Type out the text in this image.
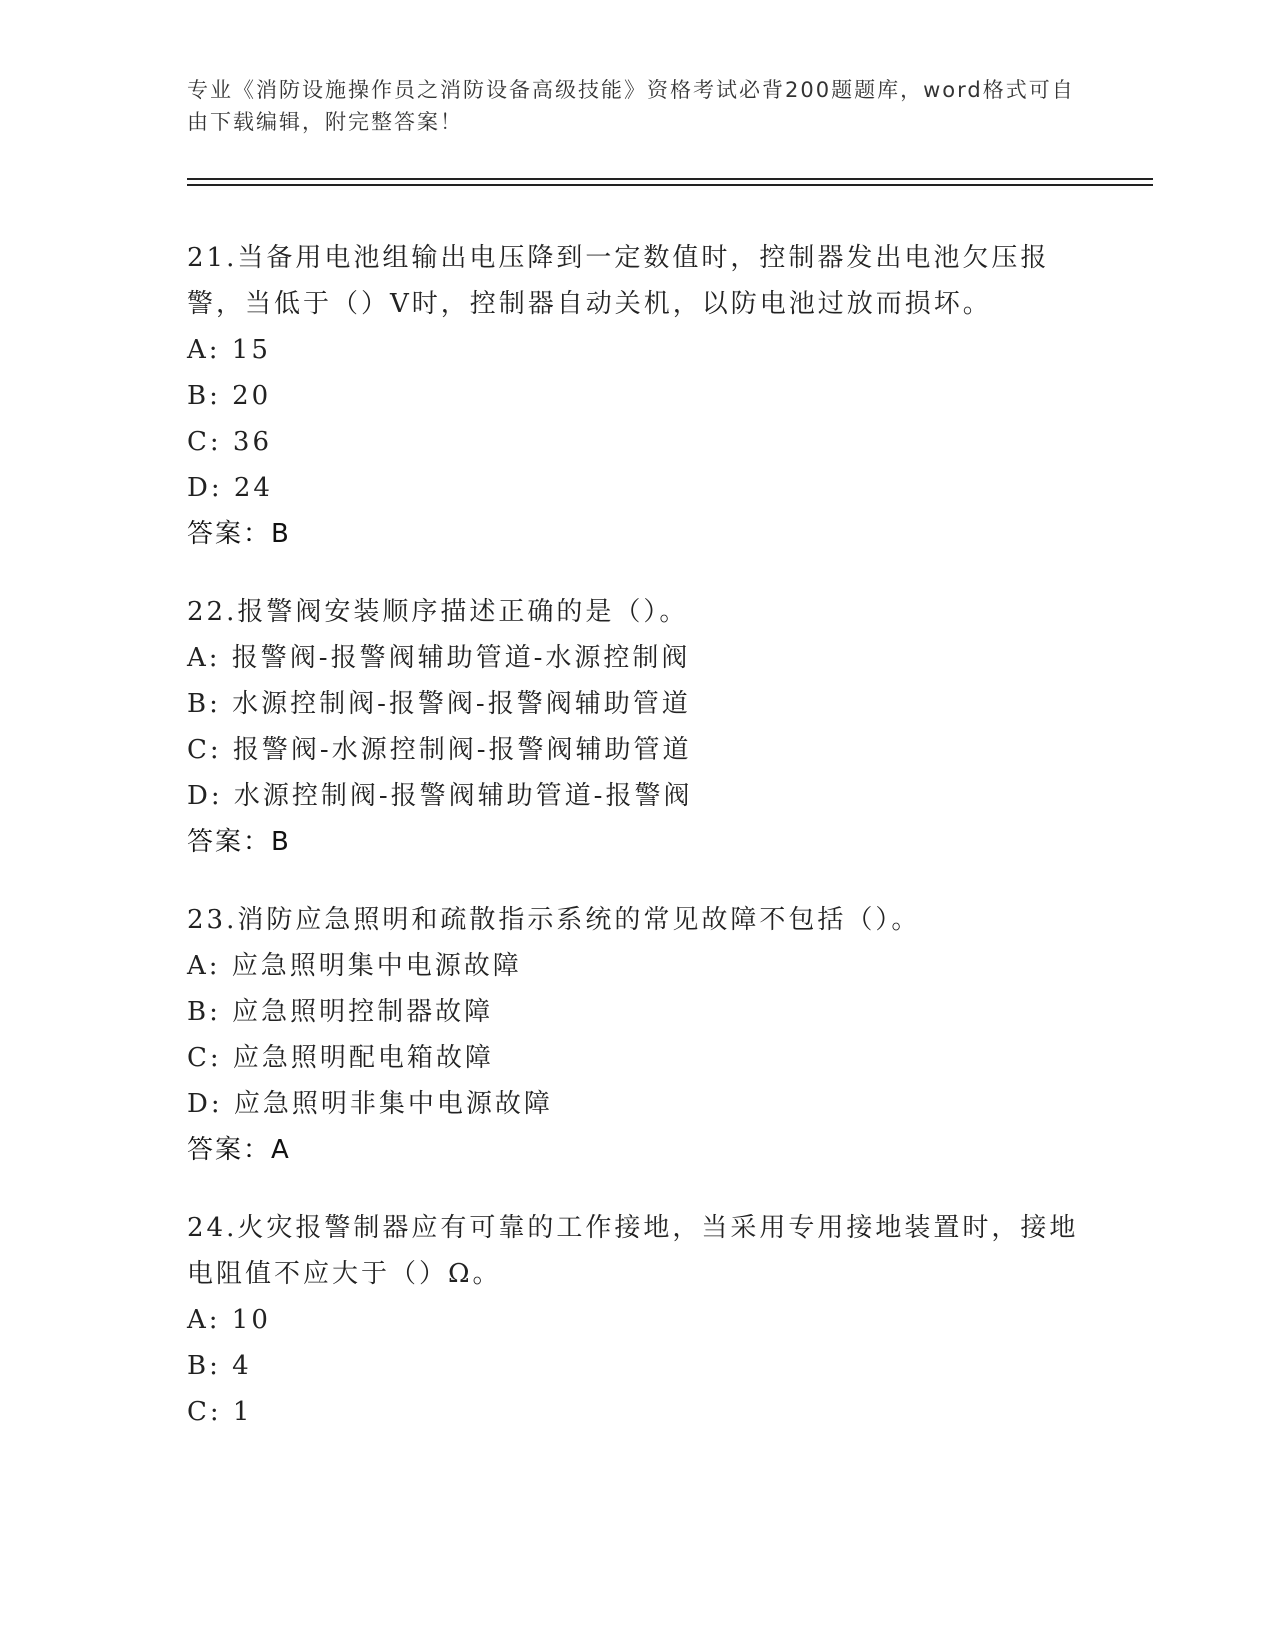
专业《消防设施操作员之消防设备高级技能》资格考试必背200题题库，word格式可自由下载编辑，附完整答案！

21.当备用电池组输出电压降到一定数值时，控制器发出电池欠压报警，当低于（）V时，控制器自动关机，以防电池过放而损坏。

A: 15
B: 20
C: 36
D: 24
答案：B

22.报警阀安装顺序描述正确的是（）。

A: 报警阀-报警阀辅助管道-水源控制阀
B: 水源控制阀-报警阀-报警阀辅助管道
C: 报警阀-水源控制阀-报警阀辅助管道
D: 水源控制阀-报警阀辅助管道-报警阀
答案：B

23.消防应急照明和疏散指示系统的常见故障不包括（）。

A: 应急照明集中电源故障
B: 应急照明控制器故障
C: 应急照明配电箱故障
D: 应急照明非集中电源故障
答案：A

24.火灾报警制器应有可靠的工作接地，当采用专用接地装置时，接地电阻值不应大于（）Ω。

A: 10
B: 4
C: 1
